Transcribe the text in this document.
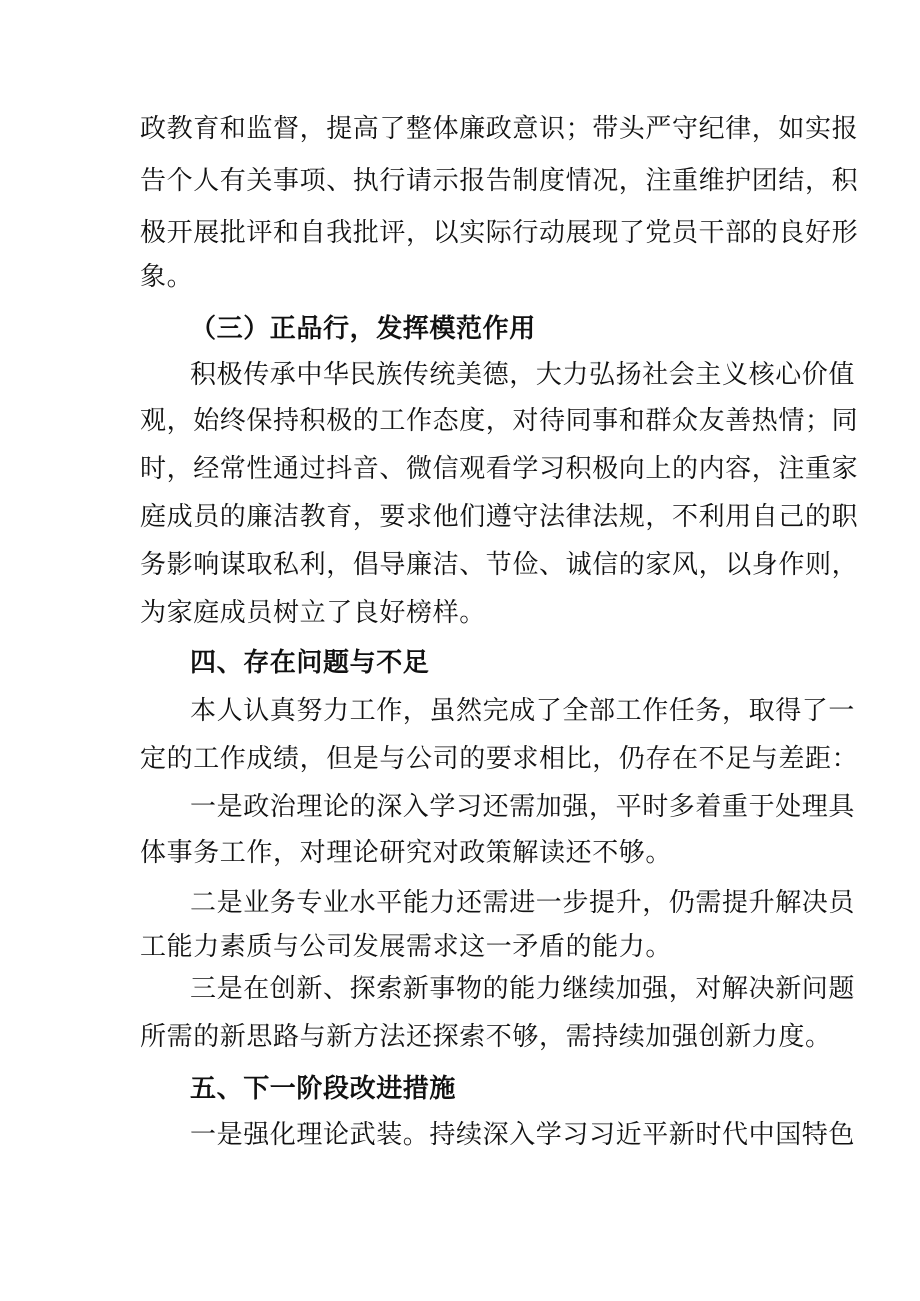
政教育和监督，提高了整体廉政意识；带头严守纪律，如实报
告个人有关事项、执行请示报告制度情况，注重维护团结，积
极开展批评和自我批评，以实际行动展现了党员干部的良好形
象。
（三）正品行，发挥模范作用
积极传承中华民族传统美德，大力弘扬社会主义核心价值
观，始终保持积极的工作态度，对待同事和群众友善热情；同
时，经常性通过抖音、微信观看学习积极向上的内容，注重家
庭成员的廉洁教育，要求他们遵守法律法规，不利用自己的职
务影响谋取私利，倡导廉洁、节俭、诚信的家风，以身作则，
为家庭成员树立了良好榜样。
四、存在问题与不足
本人认真努力工作，虽然完成了全部工作任务，取得了一
定的工作成绩，但是与公司的要求相比，仍存在不足与差距：
一是政治理论的深入学习还需加强，平时多着重于处理具
体事务工作，对理论研究对政策解读还不够。
二是业务专业水平能力还需进一步提升，仍需提升解决员
工能力素质与公司发展需求这一矛盾的能力。
三是在创新、探索新事物的能力继续加强，对解决新问题
所需的新思路与新方法还探索不够，需持续加强创新力度。
五、下一阶段改进措施
一是强化理论武装。持续深入学习习近平新时代中国特色
